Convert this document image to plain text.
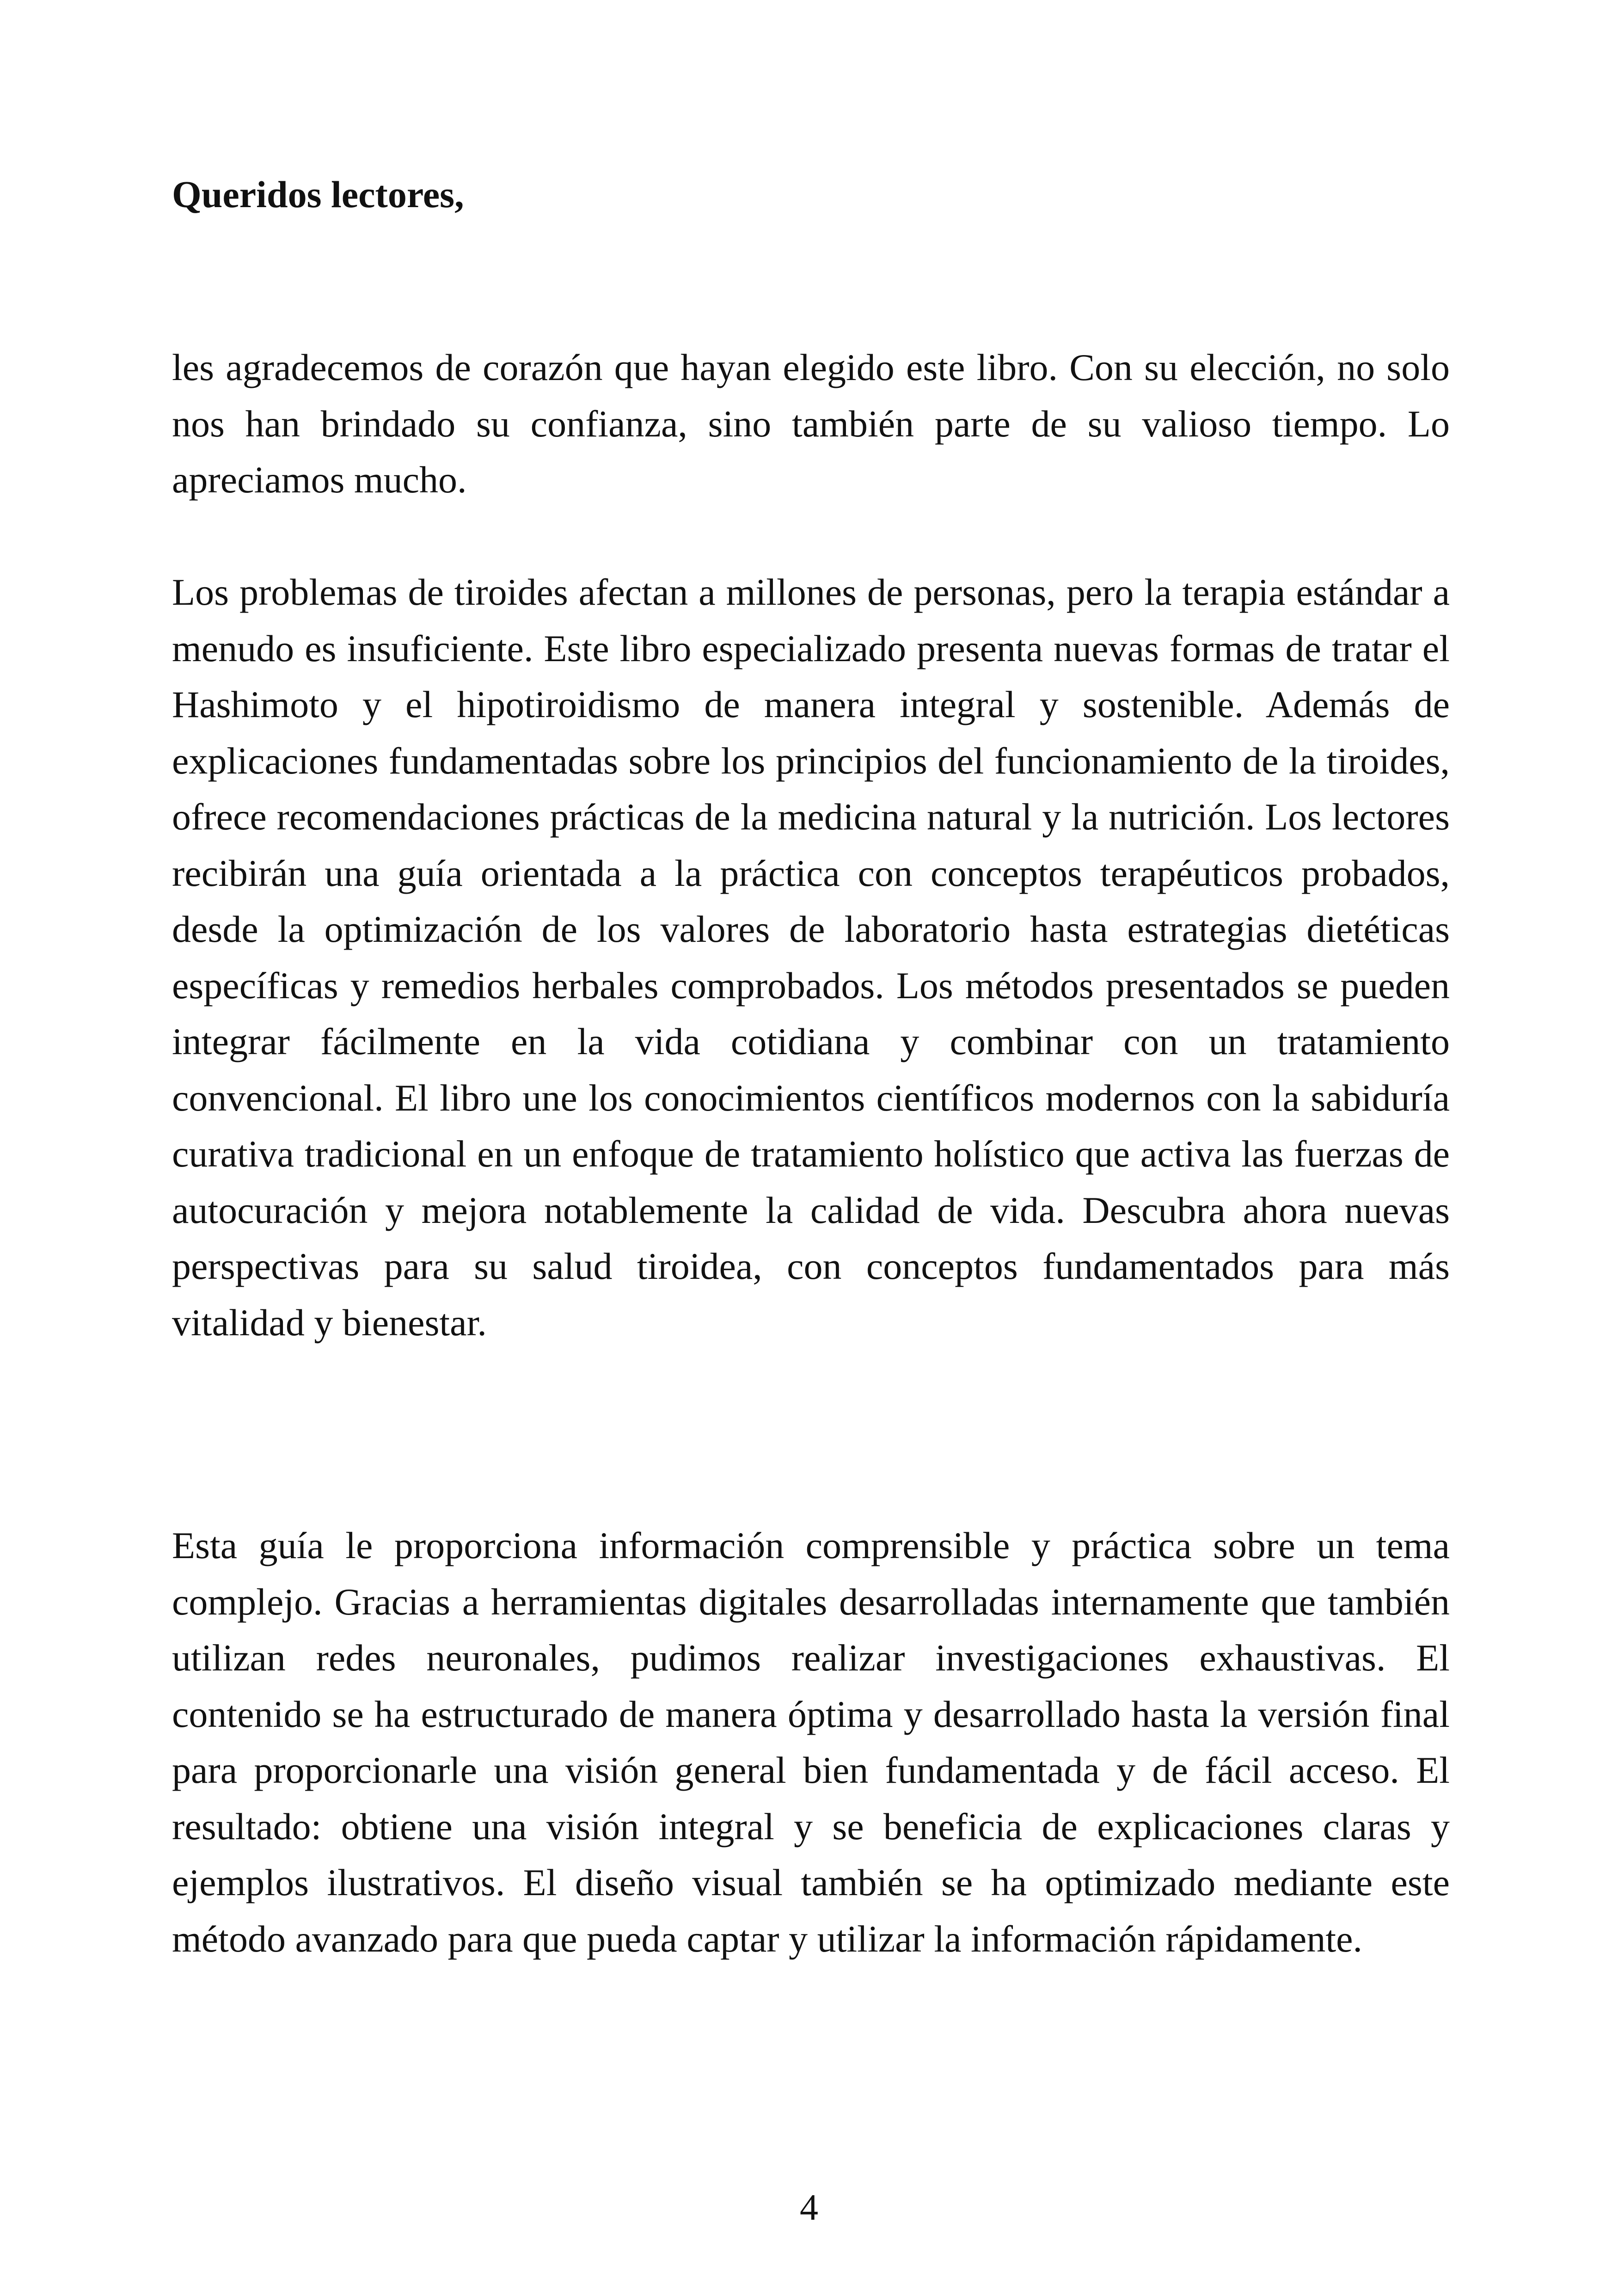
Queridos lectores,

les agradecemos de corazón que hayan elegido este libro. Con su elección, no solo nos han brindado su confianza, sino también parte de su valioso tiempo. Lo apreciamos mucho.

Los problemas de tiroides afectan a millones de personas, pero la terapia estándar a menudo es insuficiente. Este libro especializado presenta nuevas formas de tratar el Hashimoto y el hipotiroidismo de manera integral y sostenible. Además de explicaciones fundamentadas sobre los principios del funcionamiento de la tiroides, ofrece recomendaciones prácticas de la medicina natural y la nutrición. Los lectores recibirán una guía orientada a la práctica con conceptos terapéuticos probados, desde la optimización de los valores de laboratorio hasta estrategias dietéticas específicas y remedios herbales comprobados. Los métodos presentados se pueden integrar fácilmente en la vida cotidiana y combinar con un tratamiento convencional. El libro une los conocimientos científicos modernos con la sabiduría curativa tradicional en un enfoque de tratamiento holístico que activa las fuerzas de autocuración y mejora notablemente la calidad de vida. Descubra ahora nuevas perspectivas para su salud tiroidea, con conceptos fundamentados para más vitalidad y bienestar.

Esta guía le proporciona información comprensible y práctica sobre un tema complejo. Gracias a herramientas digitales desarrolladas internamente que también utilizan redes neuronales, pudimos realizar investigaciones exhaustivas. El contenido se ha estructurado de manera óptima y desarrollado hasta la versión final para proporcionarle una visión general bien fundamentada y de fácil acceso. El resultado: obtiene una visión integral y se beneficia de explicaciones claras y ejemplos ilustrativos. El diseño visual también se ha optimizado mediante este método avanzado para que pueda captar y utilizar la información rápidamente.

4
